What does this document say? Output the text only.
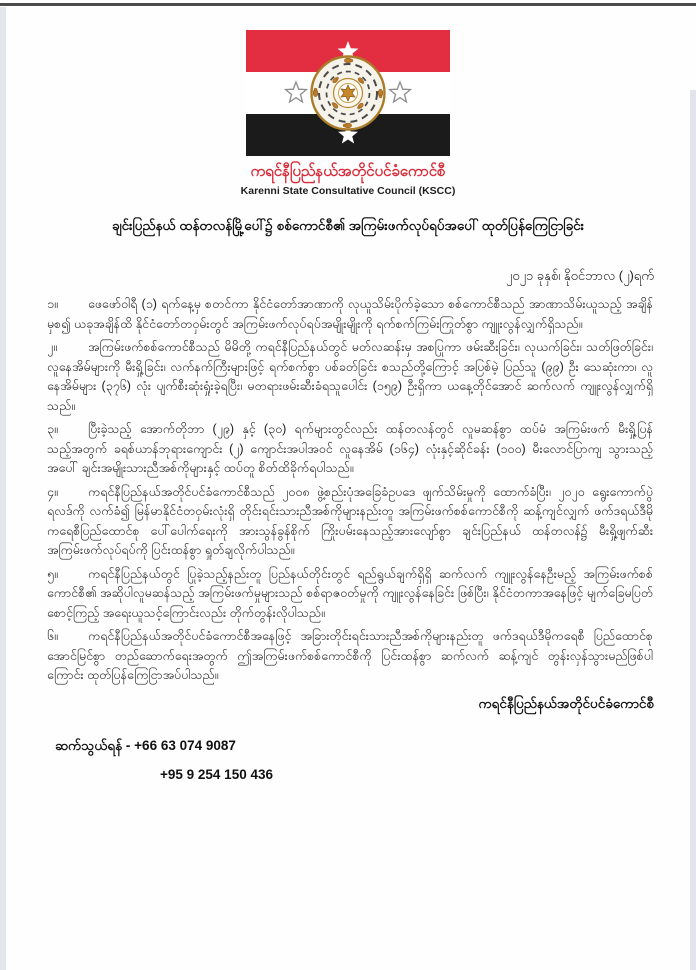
ကရင်နီပြည်နယ်အတိုင်ပင်ခံကောင်စီ
Karenni State Consultative Council (KSCC)
ချင်းပြည်နယ် ထန်တလန်မြို့ပေါ်၌ စစ်ကောင်စီ၏ အကြမ်းဖက်လုပ်ရပ်အပေါ် ထုတ်ပြန်ကြေငြာခြင်း
၂၀၂၁ ခုနှစ်၊ နိုဝင်ဘာလ (၂)ရက်

၁။ ဖေဖော်ဝါရီ (၁) ရက်နေ့မှ စတင်ကာ နိုင်ငံတော်အာဏာကို လုယူသိမ်းပိုက်ခဲ့သော စစ်ကောင်စီသည် အာဏာသိမ်းယူသည့် အချိန်မှစ၍ ယခုအချိန်ထိ နိုင်ငံတော်တဝှမ်းတွင် အကြမ်းဖက်လုပ်ရပ်အမျိုးမျိုးကို ရက်စက်ကြမ်းကြုတ်စွာ ကျူးလွန်လျှက်ရှိသည်။

၂။ အကြမ်းဖက်စစ်ကောင်စီသည် မိမိတို့ ကရင်နီပြည်နယ်တွင် မတ်လဆန်းမှ အစပြုကာ ဖမ်းဆီးခြင်း၊ လုယက်ခြင်း၊ သတ်ဖြတ်ခြင်း၊ လူနေအိမ်များကို မီးရှို့ခြင်း၊ လက်နက်ကြီးများဖြင့် ရက်စက်စွာ ပစ်ခတ်ခြင်း စသည်တို့ကြောင့် အပြစ်မဲ့ ပြည်သူ (၉၉) ဦး သေဆုံးကာ၊ လူနေအိမ်များ (၃၇၆) လုံး ပျက်စီးဆုံးရှုံးခဲ့ရပြီး၊ မတရားဖမ်းဆီးခံရသူပေါင်း (၁၅၉) ဦးရှိကာ ယနေ့တိုင်အောင် ဆက်လက် ကျူးလွန်လျှက်ရှိသည်။

၃။ ပြီးခဲ့သည့် အောက်တိုဘာ (၂၉) နှင့် (၃၀) ရက်များတွင်လည်း ထန်တလန်တွင် လူမဆန်စွာ ထပ်မံ အကြမ်းဖက် မီးရှို့ပြန်သည့်အတွက် ခရစ်ယာန်ဘုရားကျောင်း (၂) ကျောင်းအပါအဝင် လူနေအိမ် (၁၆၄) လုံးနှင့်ဆိုင်ခန်း (၁၀၀) မီးလောင်ပြာကျ သွားသည့်အပေါ် ချင်းအမျိုးသားညီအစ်ကိုများနှင့် ထပ်တူ စိတ်ထိခိုက်ရပါသည်။

၄။ ကရင်နီပြည်နယ်အတိုင်ပင်ခံကောင်စီသည် ၂၀၀၈ ဖွဲ့စည်းပုံအခြေခံဥပဒေ ဖျက်သိမ်းမှုကို ထောက်ခံပြီး၊ ၂၀၂၀ ရွေးကောက်ပွဲရလဒ်ကို လက်ခံ၍ မြန်မာနိုင်ငံတဝှမ်းလုံးရှိ တိုင်းရင်းသားညီအစ်ကိုများနည်းတူ အကြမ်းဖက်စစ်ကောင်စီကို ဆန့်ကျင်လျှက် ဖက်ဒရယ်ဒီမိုကရေစီပြည်ထောင်စု ပေါ်ပေါက်ရေးကို အားသွန်ခွန်စိုက် ကြိုးပမ်းနေသည့်အားလျော်စွာ ချင်းပြည်နယ် ထန်တလန်၌ မီးရှို့ဖျက်ဆီးအကြမ်းဖက်လုပ်ရပ်ကို ပြင်းထန်စွာ ရှုတ်ချလိုက်ပါသည်။

၅။ ကရင်နီပြည်နယ်တွင် ပြုခဲ့သည့်နည်းတူ ပြည်နယ်တိုင်းတွင် ရည်ရွယ်ချက်ရှိရှိ ဆက်လက် ကျူးလွန်နေဦးမည့် အကြမ်းဖက်စစ်ကောင်စီ၏ အဆိုပါလူမဆန်သည့် အကြမ်းဖက်မှုများသည် စစ်ရာဇဝတ်မှုကို ကျူးလွန်နေခြင်း ဖြစ်ပြီး၊ နိုင်ငံတကာအနေဖြင့် မျက်ခြေမပြတ် စောင့်ကြည့် အရေးယူသင့်ကြောင်းလည်း တိုက်တွန်းလိုပါသည်။

၆။ ကရင်နီပြည်နယ်အတိုင်ပင်ခံကောင်စီအနေဖြင့် အခြားတိုင်းရင်းသားညီအစ်ကိုများနည်းတူ ဖက်ဒရယ်ဒီမိုကရေစီ ပြည်ထောင်စု အောင်မြင်စွာ တည်ဆောက်ရေးအတွက် ဤအကြမ်းဖက်စစ်ကောင်စီကို ပြင်းထန်စွာ ဆက်လက် ဆန့်ကျင် တွန်းလှန်သွားမည်ဖြစ်ပါကြောင်း ထုတ်ပြန်ကြေငြာအပ်ပါသည်။

ကရင်နီပြည်နယ်အတိုင်ပင်ခံကောင်စီ
ဆက်သွယ်ရန် - +66 63 074 9087
+95 9 254 150 436
